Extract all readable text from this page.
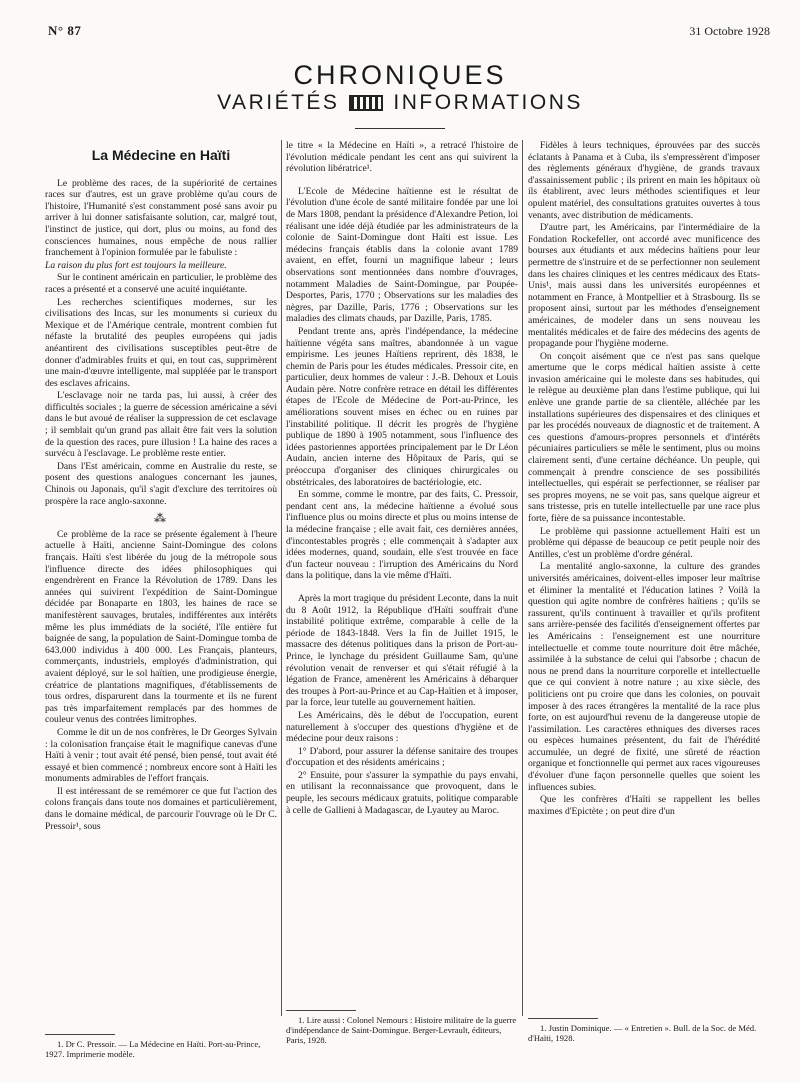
N° 87	31 Octobre 1928
CHRONIQUES
VARIÉTÉS	INFORMATIONS
La Médecine en Haïti

Le problème des races, de la supériorité de certaines races sur d'autres, est un grave problème qu'au cours de l'histoire, l'Humanité s'est constamment posé sans avoir pu arriver à lui donner satisfaisante solution, car, malgré tout, l'instinct de justice, qui dort, plus ou moins, au fond des consciences humaines, nous empêche de nous rallier franchement à l'opinion formulée par le fabuliste :

La raison du plus fort est toujours la meilleure.

Sur le continent américain en particulier, le problème des races a présenté et a conservé une acuité inquiétante.

Les recherches scientifiques modernes, sur les civilisations des Incas, sur les monuments si curieux du Mexique et de l'Amérique centrale, montrent combien fut néfaste la brutalité des peuples européens qui jadis anéantirent des civilisations susceptibles peut-être de donner d'admirables fruits et qui, en tout cas, supprimèrent une main-d'œuvre intelligente, mal suppléée par le transport des esclaves africains.

L'esclavage noir ne tarda pas, lui aussi, à créer des difficultés sociales ; la guerre de sécession américaine a sévi dans le but avoué de réaliser la suppression de cet esclavage ; il semblait qu'un grand pas allait être fait vers la solution de la question des races, pure illusion ! La haine des races a survécu à l'esclavage. Le problème reste entier.

Dans l'Est américain, comme en Australie du reste, se posent des questions analogues concernant les jaunes, Chinois ou Japonais, qu'il s'agit d'exclure des territoires où prospère la race anglo-saxonne.

⁂

Ce problème de la race se présente également à l'heure actuelle à Haïti, ancienne Saint-Domingue des colons français. Haïti s'est libérée du joug de la métropole sous l'influence directe des idées philosophiques qui engendrèrent en France la Révolution de 1789. Dans les années qui suivirent l'expédition de Saint-Domingue décidée par Bonaparte en 1803, les haines de race se manifestèrent sauvages, brutales, indifférentes aux intérêts même les plus immédiats de la société, l'île entière fut baignée de sang, la population de Saint-Domingue tomba de 643.000 individus à 400 000. Les Français, planteurs, commerçants, industriels, employés d'administration, qui avaient déployé, sur le sol haïtien, une prodigieuse énergie, créatrice de plantations magnifiques, d'établissements de tous ordres, disparurent dans la tourmente et ils ne furent pas très imparfaitement remplacés par des hommes de couleur venus des contrées limitrophes.

Comme le dit un de nos confrères, le Dr Georges Sylvain : la colonisation française était le magnifique canevas d'une Haïti à venir ; tout avait été pensé, bien pensé, tout avait été essayé et bien commencé ; nombreux encore sont à Haïti les monuments admirables de l'effort français.

Il est intéressant de se remémorer ce que fut l'action des colons français dans toute nos domaines et particulièrement, dans le domaine médical, de parcourir l'ouvrage où le Dr C. Pressoir¹, sous

1. Dr C. Pressoir. — La Médecine en Haïti. Port-au-Prince, 1927. Imprimerie modèle.

le titre « la Médecine en Haïti », a retracé l'histoire de l'évolution médicale pendant les cent ans qui suivirent la révolution libératrice¹.

L'Ecole de Médecine haïtienne est le résultat de l'évolution d'une école de santé militaire fondée par une loi de Mars 1808, pendant la présidence d'Alexandre Petion, loi réalisant une idée déjà étudiée par les administrateurs de la colonie de Saint-Domingue dont Haïti est issue. Les médecins français établis dans la colonie avant 1789 avaient, en effet, fourni un magnifique labeur ; leurs observations sont mentionnées dans nombre d'ouvrages, notamment Maladies de Saint-Domingue, par Poupée-Desportes, Paris, 1770 ; Observations sur les maladies des nègres, par Dazille, Paris, 1776 ; Observations sur les maladies des climats chauds, par Dazille, Paris, 1785.

Pendant trente ans, après l'indépendance, la médecine haïtienne végéta sans maîtres, abandonnée à un vague empirisme. Les jeunes Haïtiens reprirent, dès 1838, le chemin de Paris pour les études médicales. Pressoir cite, en particulier, deux hommes de valeur : J.-B. Dehoux et Louis Audain père. Notre confrère retrace en détail les différentes étapes de l'Ecole de Médecine de Port-au-Prince, les améliorations souvent mises en échec ou en ruines par l'instabilité politique. Il décrit les progrès de l'hygiène publique de 1890 à 1905 notamment, sous l'influence des idées pastoriennes apportées principalement par le Dr Léon Audain, ancien interne des Hôpitaux de Paris, qui se préoccupa d'organiser des cliniques chirurgicales ou obstétricales, des laboratoires de bactériologie, etc.

En somme, comme le montre, par des faits, C. Pressoir, pendant cent ans, la médecine haïtienne a évolué sous l'influence plus ou moins directe et plus ou moins intense de la médecine française ; elle avait fait, ces dernières années, d'incontestables progrès ; elle commençait à s'adapter aux idées modernes, quand, soudain, elle s'est trouvée en face d'un facteur nouveau : l'irruption des Américains du Nord dans la politique, dans la vie même d'Haïti.

Après la mort tragique du président Leconte, dans la nuit du 8 Août 1912, la République d'Haïti souffrait d'une instabilité politique extrême, comparable à celle de la période de 1843-1848. Vers la fin de Juillet 1915, le massacre des détenus politiques dans la prison de Port-au-Prince, le lynchage du président Guillaume Sam, qu'une révolution venait de renverser et qui s'était réfugié à la légation de France, amenèrent les Américains à débarquer des troupes à Port-au-Prince et au Cap-Haïtien et à imposer, par la force, leur tutelle au gouvernement haïtien.

Les Américains, dès le début de l'occupation, eurent naturellement à s'occuper des questions d'hygiène et de médecine pour deux raisons :

1° D'abord, pour assurer la défense sanitaire des troupes d'occupation et des résidents américains ;

2° Ensuite, pour s'assurer la sympathie du pays envahi, en utilisant la reconnaissance que provoquent, dans le peuple, les secours médicaux gratuits, politique comparable à celle de Gallieni à Madagascar, de Lyautey au Maroc.

1. Lire aussi : Colonel Nemours : Histoire militaire de la guerre d'indépendance de Saint-Domingue. Berger-Levrault, éditeurs, Paris, 1928.

Fidèles à leurs techniques, éprouvées par des succès éclatants à Panama et à Cuba, ils s'empressèrent d'imposer des règlements généraux d'hygiène, de grands travaux d'assainissement public ; ils prirent en main les hôpitaux où ils établirent, avec leurs méthodes scientifiques et leur opulent matériel, des consultations gratuites ouvertes à tous venants, avec distribution de médicaments.

D'autre part, les Américains, par l'intermédiaire de la Fondation Rockefeller, ont accordé avec munificence des bourses aux étudiants et aux médecins haïtiens pour leur permettre de s'instruire et de se perfectionner non seulement dans les chaires cliniques et les centres médicaux des Etats-Unis¹, mais aussi dans les universités européennes et notamment en France, à Montpellier et à Strasbourg. Ils se proposent ainsi, surtout par les méthodes d'enseignement américaines, de modeler dans un sens nouveau les mentalités médicales et de faire des médecins des agents de propagande pour l'hygiène moderne.

On conçoit aisément que ce n'est pas sans quelque amertume que le corps médical haïtien assiste à cette invasion américaine qui le moleste dans ses habitudes, qui le relègue au deuxième plan dans l'estime publique, qui lui enlève une grande partie de sa clientèle, alléchée par les installations supérieures des dispensaires et des cliniques et par les procédés nouveaux de diagnostic et de traitement. A ces questions d'amours-propres personnels et d'intérêts pécuniaires particuliers se mêle le sentiment, plus ou moins clairement senti, d'une certaine déchéance. Un peuple, qui commençait à prendre conscience de ses possibilités intellectuelles, qui espérait se perfectionner, se réaliser par ses propres moyens, ne se voit pas, sans quelque aigreur et sans tristesse, pris en tutelle intellectuelle par une race plus forte, fière de sa puissance incontestable.

Le problème qui passionne actuellement Haïti est un problème qui dépasse de beaucoup ce petit peuple noir des Antilles, c'est un problème d'ordre général.

La mentalité anglo-saxonne, la culture des grandes universités américaines, doivent-elles imposer leur maîtrise et éliminer la mentalité et l'éducation latines ? Voilà la question qui agite nombre de confrères haïtiens ; qu'ils se rassurent, qu'ils continuent à travailler et qu'ils profitent sans arrière-pensée des facilités d'enseignement offertes par les Américains : l'enseignement est une nourriture intellectuelle et comme toute nourriture doit être mâchée, assimilée à la substance de celui qui l'absorbe ; chacun de nous ne prend dans la nourriture corporelle et intellectuelle que ce qui convient à notre nature ; au xixe siècle, des politiciens ont pu croire que dans les colonies, on pouvait imposer à des races étrangères la mentalité de la race plus forte, on est aujourd'hui revenu de la dangereuse utopie de l'assimilation. Les caractères ethniques des diverses races ou espèces humaines présentent, du fait de l'hérédité accumulée, un degré de fixité, une sûreté de réaction organique et fonctionnelle qui permet aux races vigoureuses d'évoluer d'une façon personnelle quelles que soient les influences subies.

Que les confrères d'Haïti se rappellent les belles maximes d'Epictète ; on peut dire d'un

1. Justin Dominique. — « Entretien ». Bull. de la Soc. de Méd. d'Haïti, 1928.
